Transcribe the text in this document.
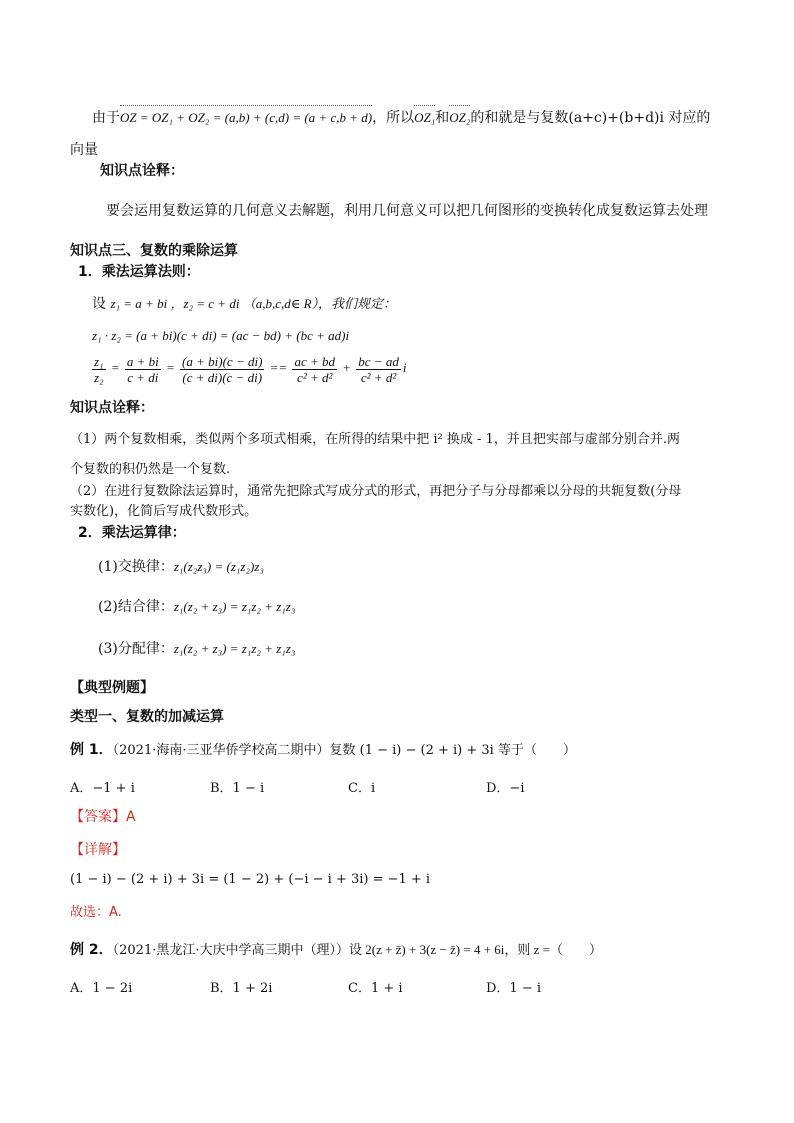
由于OZ = OZ₁ + OZ₂ = (a,b) + (c,d) = (a + c,b + d)，所以OZ₁和OZ₂的和就是与复数(a+c)+(b+d)i 对应的
向量
知识点诠释：
要会运用复数运算的几何意义去解题，利用几何意义可以把几何图形的变换转化成复数运算去处理
知识点三、复数的乘除运算
1．乘法运算法则：
设 z₁ = a + bi ，z₂ = c + di （a,b,c,d∈ R），我们规定：
z₁ · z₂ = (a + bi)(c + di) = (ac − bd) + (bc + ad)i
$\frac{\text{z₁}}{\text{z₂}} = \frac{a + bi}{c + di} = \frac{(a + bi)(c - di)}{(c + di)(c - di)} == \frac{ac + bd}{\text{c² + d²}} + \frac{bc - ad}{\text{c² + d²}}$ i
知识点诠释：
（1）两个复数相乘，类似两个多项式相乘，在所得的结果中把 i² 换成 - 1，并且把实部与虚部分别合并.两
个复数的积仍然是一个复数.
（2）在进行复数除法运算时，通常先把除式写成分式的形式，再把分子与分母都乘以分母的共轭复数(分母
实数化)，化简后写成代数形式。
2．乘法运算律：
(1)交换律：z₁(z₂z₃) = (z₁z₂)z₃
(2)结合律：z₁(z₂ + z₃) = z₁z₂ + z₁z₃
(3)分配律：z₁(z₂ + z₃) = z₁z₂ + z₁z₃
【典型例题】
类型一、复数的加减运算
例 1．（2021·海南·三亚华侨学校高二期中）复数 (1 − i) − (2 + i) + 3i 等于（　　）
A．−1 + i	B．1 − i	C．i	D．−i
【答案】A
【详解】
(1 − i) − (2 + i) + 3i = (1 − 2) + (−i − i + 3i) = −1 + i
故选：A.
例 2．（2021·黑龙江·大庆中学高三期中（理））设 2(z + z̄) + 3(z − z̄) = 4 + 6i，则 z =（　　）
A．1 − 2i	B．1 + 2i	C．1 + i	D．1 − i
